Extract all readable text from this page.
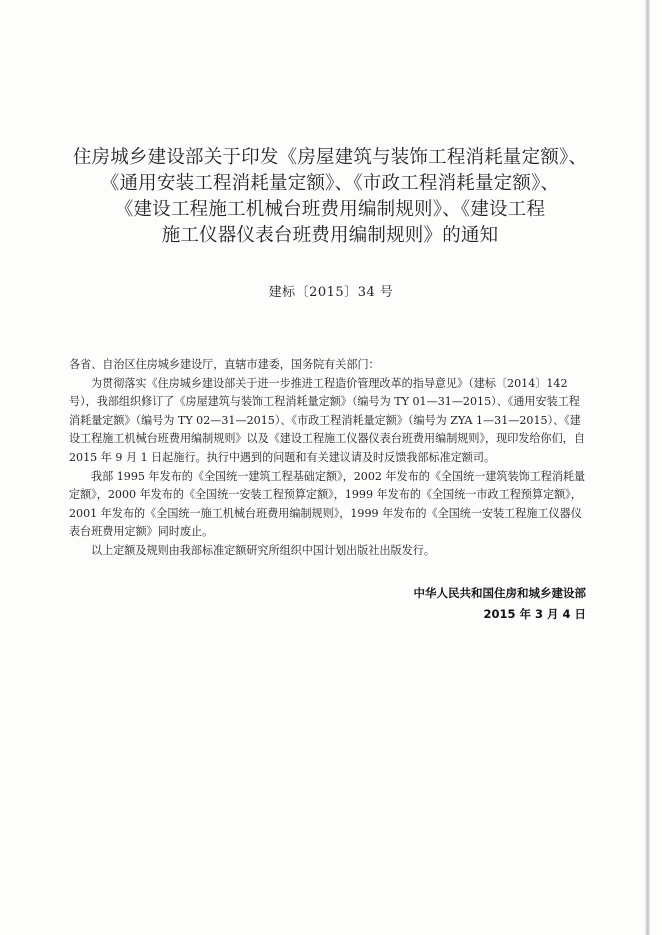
住房城乡建设部关于印发《房屋建筑与装饰工程消耗量定额》、
《通用安装工程消耗量定额》、《市政工程消耗量定额》、
《建设工程施工机械台班费用编制规则》、《建设工程
施工仪器仪表台班费用编制规则》的通知
建标〔2015〕34 号

各省、自治区住房城乡建设厅，直辖市建委，国务院有关部门：

为贯彻落实《住房城乡建设部关于进一步推进工程造价管理改革的指导意见》（建标〔2014〕142号），我部组织修订了《房屋建筑与装饰工程消耗量定额》（编号为 TY 01—31—2015）、《通用安装工程消耗量定额》（编号为 TY 02—31—2015）、《市政工程消耗量定额》（编号为 ZYA 1—31—2015）、《建设工程施工机械台班费用编制规则》以及《建设工程施工仪器仪表台班费用编制规则》，现印发给你们，自2015 年 9 月 1 日起施行。执行中遇到的问题和有关建议请及时反馈我部标准定额司。

我部 1995 年发布的《全国统一建筑工程基础定额》，2002 年发布的《全国统一建筑装饰工程消耗量定额》，2000 年发布的《全国统一安装工程预算定额》，1999 年发布的《全国统一市政工程预算定额》，2001 年发布的《全国统一施工机械台班费用编制规则》，1999 年发布的《全国统一安装工程施工仪器仪表台班费用定额》同时废止。

以上定额及规则由我部标准定额研究所组织中国计划出版社出版发行。

中华人民共和国住房和城乡建设部
2015 年 3 月 4 日
